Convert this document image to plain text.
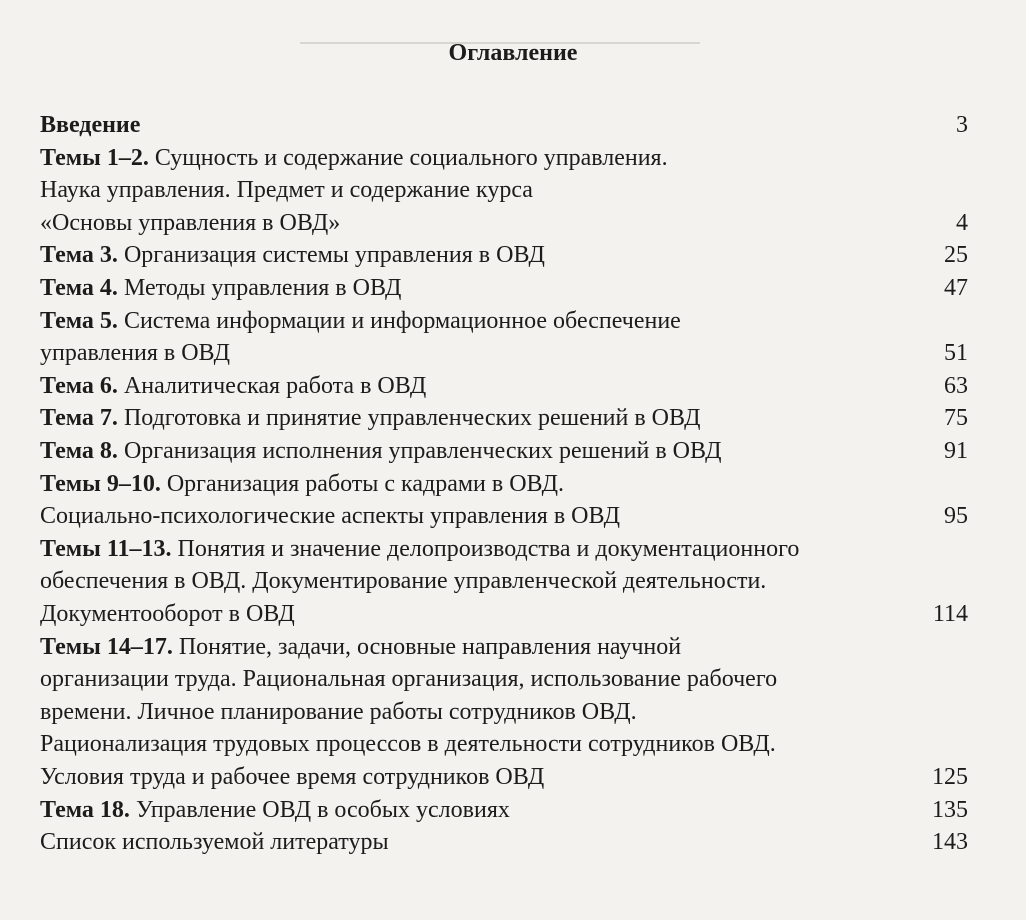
Оглавление
Введение	3
Темы 1–2. Сущность и содержание социального управления.
Наука управления. Предмет и содержание курса
«Основы управления в ОВД»	4
Тема 3. Организация системы управления в ОВД	25
Тема 4. Методы управления в ОВД	47
Тема 5. Система информации и информационное обеспечение
управления в ОВД	51
Тема 6. Аналитическая работа в ОВД	63
Тема 7. Подготовка и принятие управленческих решений в ОВД	75
Тема 8. Организация исполнения управленческих решений в ОВД	91
Темы 9–10. Организация работы с кадрами в ОВД.
Социально-психологические аспекты управления в ОВД	95
Темы 11–13. Понятия и значение делопроизводства и документационного
обеспечения в ОВД. Документирование управленческой деятельности.
Документооборот в ОВД	114
Темы 14–17. Понятие, задачи, основные направления научной
организации труда. Рациональная организация, использование рабочего
времени. Личное планирование работы сотрудников ОВД.
Рационализация трудовых процессов в деятельности сотрудников ОВД.
Условия труда и рабочее время сотрудников ОВД	125
Тема 18. Управление ОВД в особых условиях	135
Список используемой литературы	143
